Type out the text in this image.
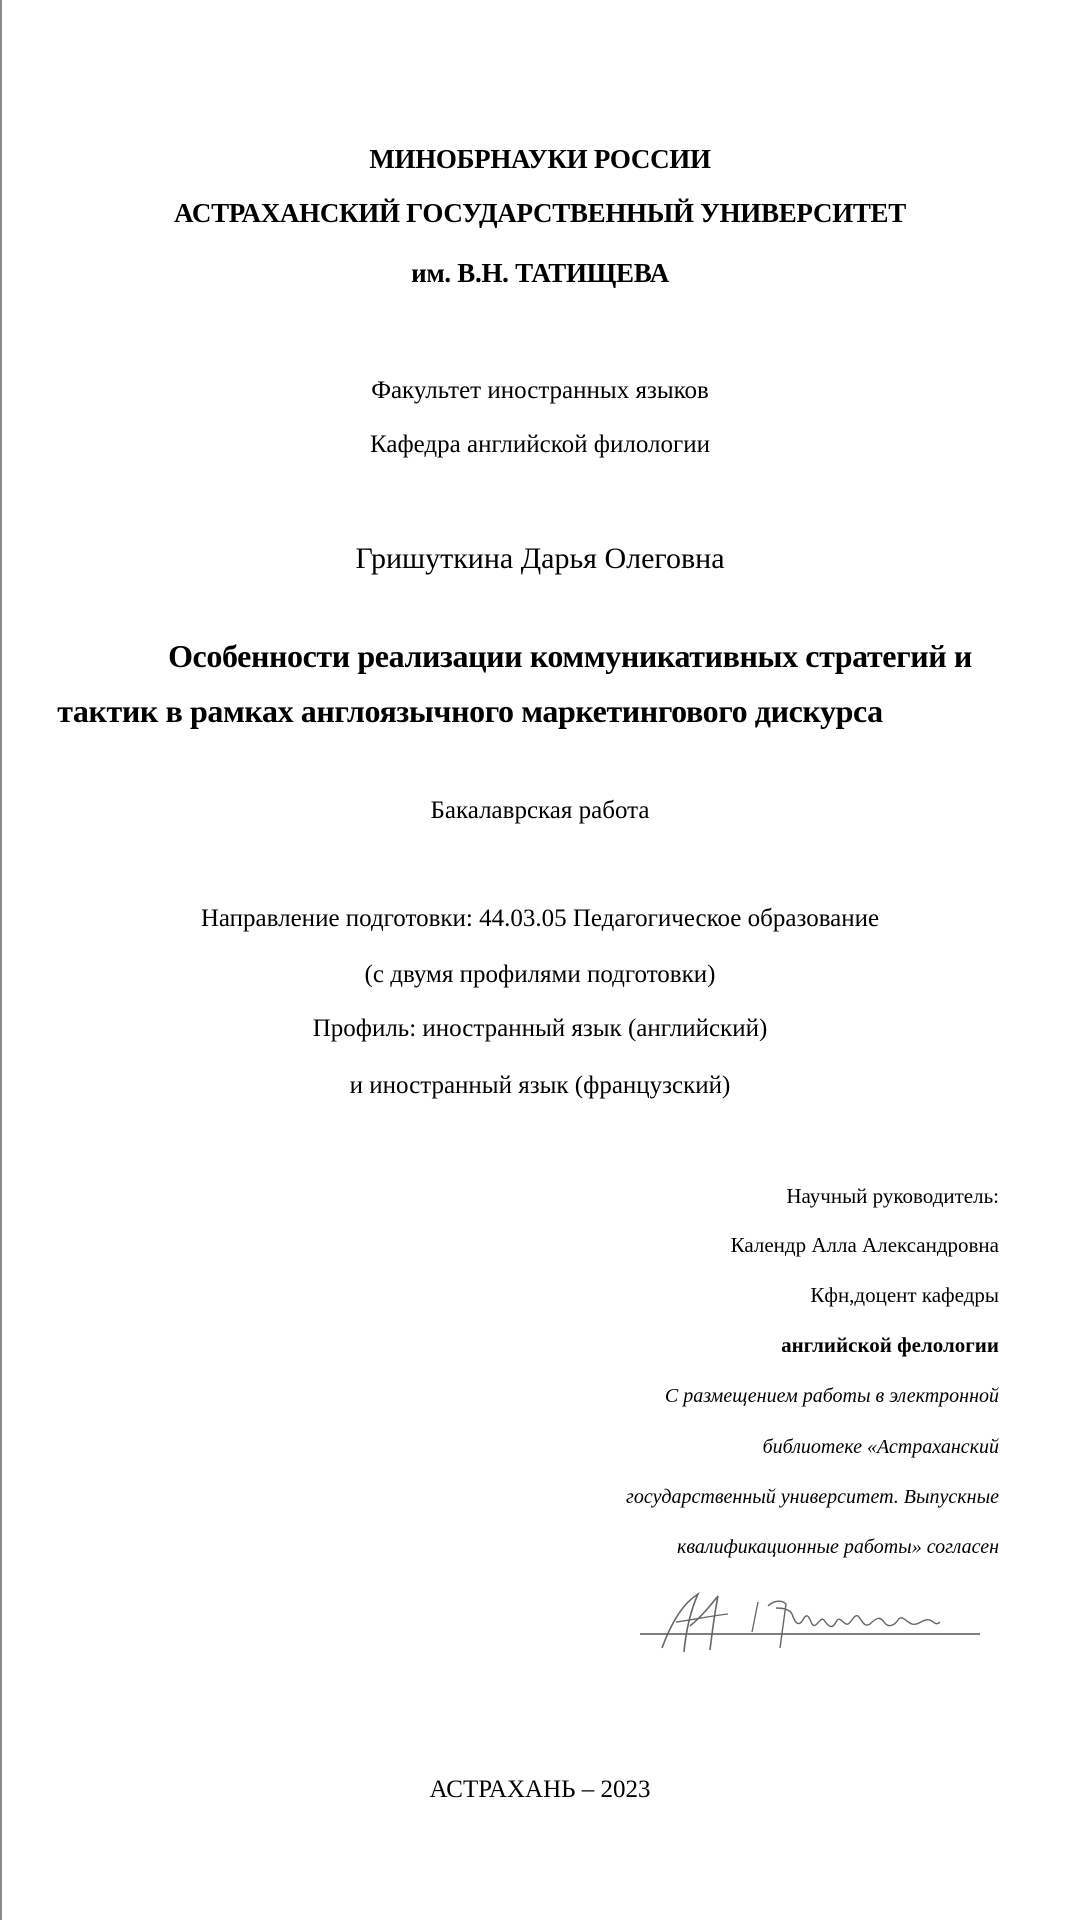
МИНОБРНАУКИ РОССИИ
АСТРАХАНСКИЙ ГОСУДАРСТВЕННЫЙ УНИВЕРСИТЕТ
им. В.Н. ТАТИЩЕВА
Факультет иностранных языков
Кафедра английской филологии
Гришуткина Дарья Олеговна
Особенности реализации коммуникативных стратегий и
тактик в рамках англоязычного маркетингового дискурса
Бакалаврская работа
Направление подготовки: 44.03.05 Педагогическое образование
(с двумя профилями подготовки)
Профиль: иностранный язык (английский)
и иностранный язык (французский)
Научный руководитель:
Календр Алла Александровна
Кфн,доцент кафедры
английской фелологии
С размещением работы в электронной
библиотеке «Астраханский
государственный университет. Выпускные
квалификационные работы» согласен
АСТРАХАНЬ – 2023
